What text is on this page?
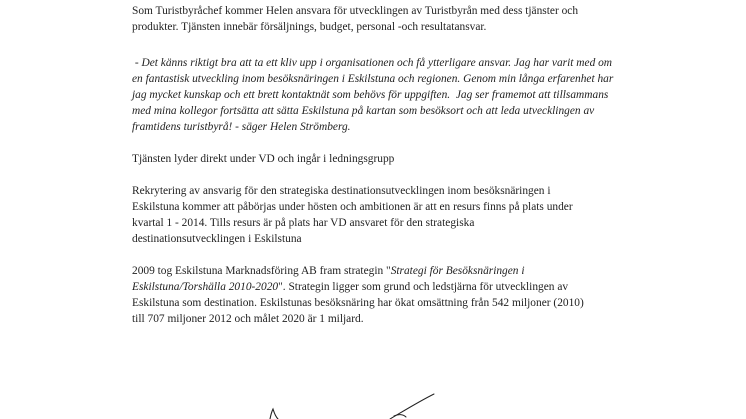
Som Turistbyråchef kommer Helen ansvara för utvecklingen av Turistbyrån med dess tjänster och
produkter. Tjänsten innebär försäljnings, budget, personal -och resultatansvar.

- Det känns riktigt bra att ta ett kliv upp i organisationen och få ytterligare ansvar. Jag har varit med om
en fantastisk utveckling inom besöksnäringen i Eskilstuna och regionen. Genom min långa erfarenhet har
jag mycket kunskap och ett brett kontaktnät som behövs för uppgiften.  Jag ser framemot att tillsammans
med mina kollegor fortsätta att sätta Eskilstuna på kartan som besöksort och att leda utvecklingen av
framtidens turistbyrå! - säger Helen Strömberg.

Tjänsten lyder direkt under VD och ingår i ledningsgrupp

Rekrytering av ansvarig för den strategiska destinationsutvecklingen inom besöksnäringen i
Eskilstuna kommer att påbörjas under hösten och ambitionen är att en resurs finns på plats under
kvartal 1 - 2014. Tills resurs är på plats har VD ansvaret för den strategiska
destinationsutvecklingen i Eskilstuna

2009 tog Eskilstuna Marknadsföring AB fram strategin "Strategi för Besöksnäringen i
Eskilstuna/Torshälla 2010-2020". Strategin ligger som grund och ledstjärna för utvecklingen av
Eskilstuna som destination. Eskilstunas besöksnäring har ökat omsättning från 542 miljoner (2010)
till 707 miljoner 2012 och målet 2020 är 1 miljard.
